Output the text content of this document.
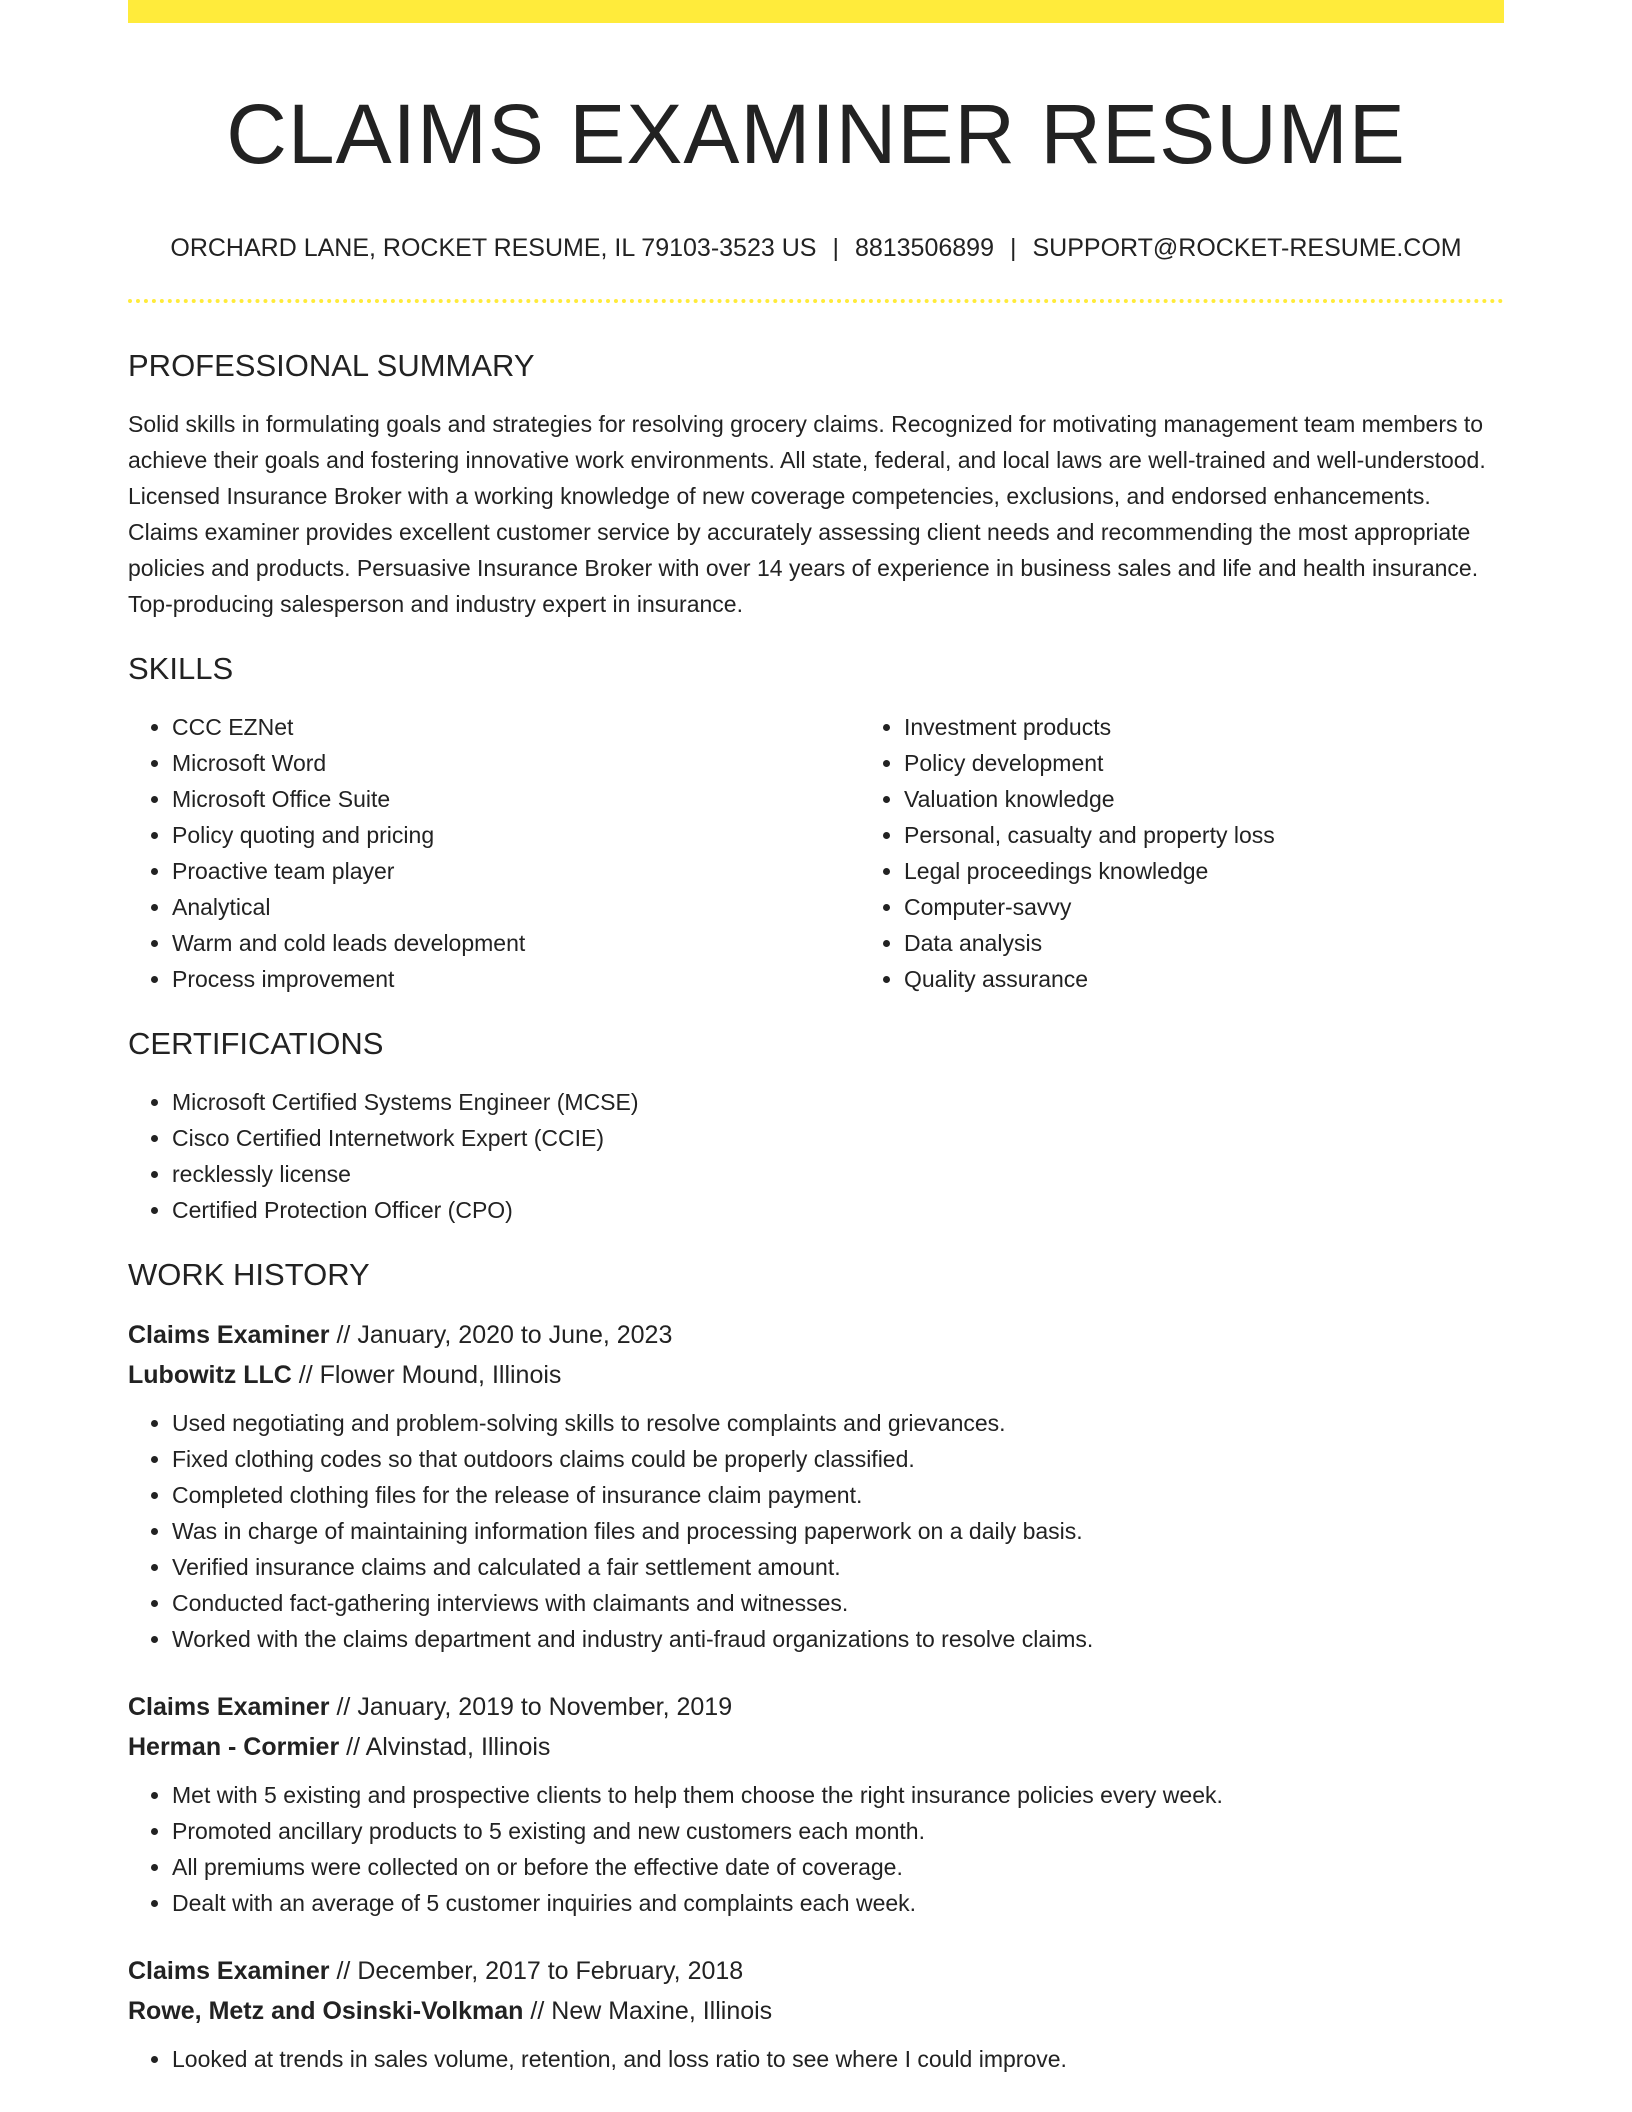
CLAIMS EXAMINER RESUME
ORCHARD LANE, ROCKET RESUME, IL 79103-3523 US | 8813506899 | SUPPORT@ROCKET-RESUME.COM
PROFESSIONAL SUMMARY

Solid skills in formulating goals and strategies for resolving grocery claims. Recognized for motivating management team members to achieve their goals and fostering innovative work environments. All state, federal, and local laws are well-trained and well-understood. Licensed Insurance Broker with a working knowledge of new coverage competencies, exclusions, and endorsed enhancements. Claims examiner provides excellent customer service by accurately assessing client needs and recommending the most appropriate policies and products. Persuasive Insurance Broker with over 14 years of experience in business sales and life and health insurance. Top-producing salesperson and industry expert in insurance.

SKILLS
• CCC EZNet
• Microsoft Word
• Microsoft Office Suite
• Policy quoting and pricing
• Proactive team player
• Analytical
• Warm and cold leads development
• Process improvement
• Investment products
• Policy development
• Valuation knowledge
• Personal, casualty and property loss
• Legal proceedings knowledge
• Computer-savvy
• Data analysis
• Quality assurance
CERTIFICATIONS
• Microsoft Certified Systems Engineer (MCSE)
• Cisco Certified Internetwork Expert (CCIE)
• recklessly license
• Certified Protection Officer (CPO)
WORK HISTORY
Claims Examiner // January, 2020 to June, 2023
Lubowitz LLC // Flower Mound, Illinois
• Used negotiating and problem-solving skills to resolve complaints and grievances.
• Fixed clothing codes so that outdoors claims could be properly classified.
• Completed clothing files for the release of insurance claim payment.
• Was in charge of maintaining information files and processing paperwork on a daily basis.
• Verified insurance claims and calculated a fair settlement amount.
• Conducted fact-gathering interviews with claimants and witnesses.
• Worked with the claims department and industry anti-fraud organizations to resolve claims.
Claims Examiner // January, 2019 to November, 2019
Herman - Cormier // Alvinstad, Illinois
• Met with 5 existing and prospective clients to help them choose the right insurance policies every week.
• Promoted ancillary products to 5 existing and new customers each month.
• All premiums were collected on or before the effective date of coverage.
• Dealt with an average of 5 customer inquiries and complaints each week.
Claims Examiner // December, 2017 to February, 2018
Rowe, Metz and Osinski-Volkman // New Maxine, Illinois
• Looked at trends in sales volume, retention, and loss ratio to see where I could improve.
